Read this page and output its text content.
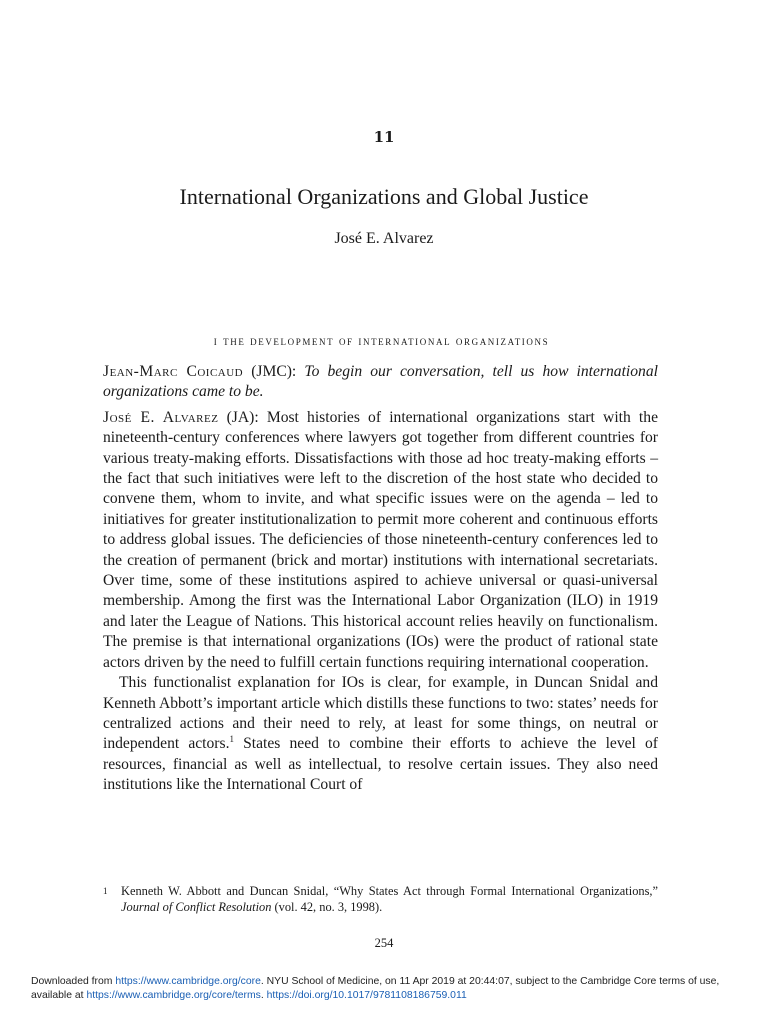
11
International Organizations and Global Justice
José E. Alvarez
i the development of international organizations

Jean-Marc Coicaud (JMC): To begin our conversation, tell us how international organizations came to be.

José E. Alvarez (JA): Most histories of international organizations start with the nineteenth-century conferences where lawyers got together from different countries for various treaty-making efforts. Dissatisfactions with those ad hoc treaty-making efforts – the fact that such initiatives were left to the discretion of the host state who decided to convene them, whom to invite, and what specific issues were on the agenda – led to initiatives for greater institutionalization to permit more coherent and continuous efforts to address global issues. The deficiencies of those nineteenth-century conferences led to the creation of permanent (brick and mortar) institutions with international secretariats. Over time, some of these institutions aspired to achieve universal or quasi-universal membership. Among the first was the International Labor Organization (ILO) in 1919 and later the League of Nations. This historical account relies heavily on functionalism. The premise is that international organizations (IOs) were the product of rational state actors driven by the need to fulfill certain functions requiring international cooperation.

This functionalist explanation for IOs is clear, for example, in Duncan Snidal and Kenneth Abbott’s important article which distills these functions to two: states’ needs for centralized actions and their need to rely, at least for some things, on neutral or independent actors.$^1$ States need to combine their efforts to achieve the level of resources, financial as well as intellectual, to resolve certain issues. They also need institutions like the International Court of

1 Kenneth W. Abbott and Duncan Snidal, “Why States Act through Formal International Organizations,” Journal of Conflict Resolution (vol. 42, no. 3, 1998).
254
Downloaded from https://www.cambridge.org/core. NYU School of Medicine, on 11 Apr 2019 at 20:44:07, subject to the Cambridge Core terms of use, available at https://www.cambridge.org/core/terms. https://doi.org/10.1017/9781108186759.011
